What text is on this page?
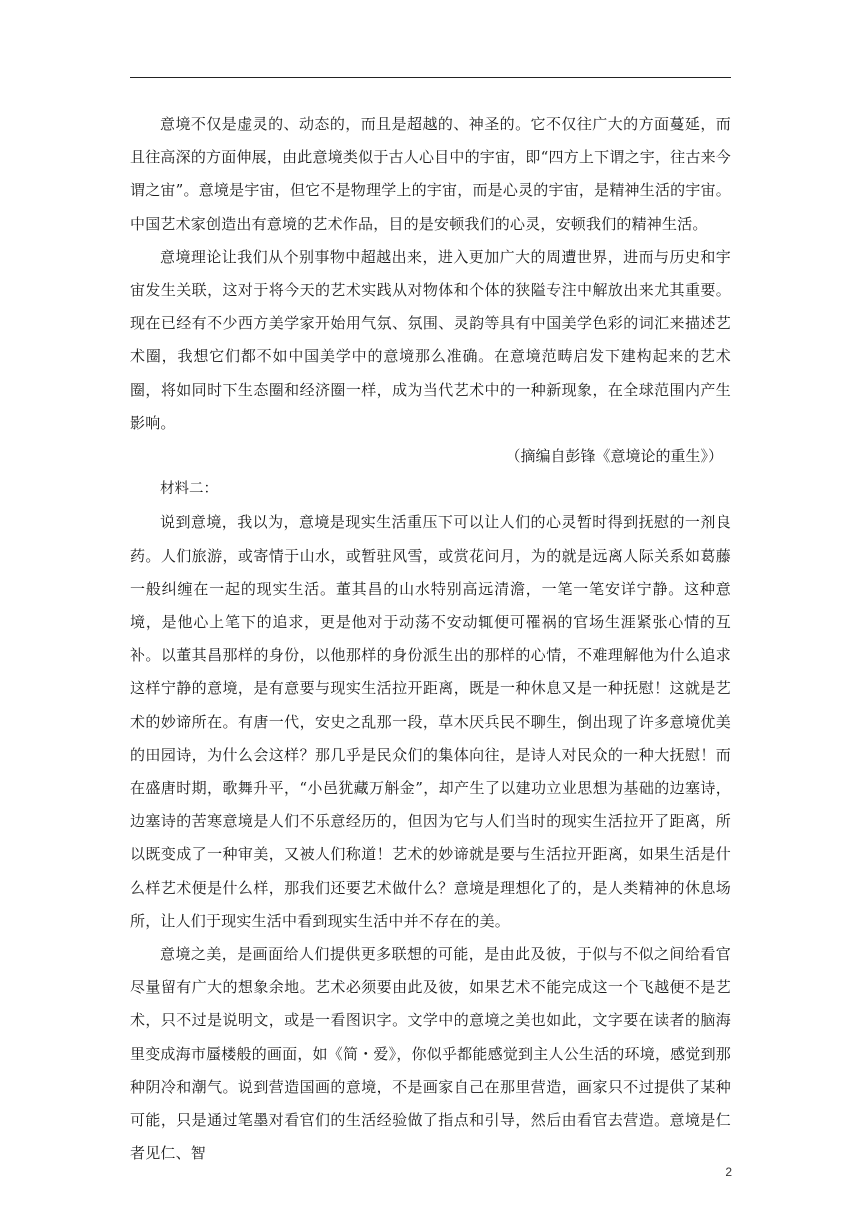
意境不仅是虚灵的、动态的，而且是超越的、神圣的。它不仅往广大的方面蔓延，而且往高深的方面伸展，由此意境类似于古人心目中的宇宙，即“四方上下谓之宇，往古来今谓之宙”。意境是宇宙，但它不是物理学上的宇宙，而是心灵的宇宙，是精神生活的宇宙。中国艺术家创造出有意境的艺术作品，目的是安顿我们的心灵，安顿我们的精神生活。

意境理论让我们从个别事物中超越出来，进入更加广大的周遭世界，进而与历史和宇宙发生关联，这对于将今天的艺术实践从对物体和个体的狭隘专注中解放出来尤其重要。现在已经有不少西方美学家开始用气氛、氛围、灵韵等具有中国美学色彩的词汇来描述艺术圈，我想它们都不如中国美学中的意境那么准确。在意境范畴启发下建构起来的艺术圈，将如同时下生态圈和经济圈一样，成为当代艺术中的一种新现象，在全球范围内产生影响。

（摘编自彭锋《意境论的重生》）

材料二：

说到意境，我以为，意境是现实生活重压下可以让人们的心灵暂时得到抚慰的一剂良药。人们旅游，或寄情于山水，或暂驻风雪，或赏花问月，为的就是远离人际关系如葛藤一般纠缠在一起的现实生活。董其昌的山水特别高远清澹，一笔一笔安详宁静。这种意境，是他心上笔下的追求，更是他对于动荡不安动辄便可罹祸的官场生涯紧张心情的互补。以董其昌那样的身份，以他那样的身份派生出的那样的心情，不难理解他为什么追求这样宁静的意境，是有意要与现实生活拉开距离，既是一种休息又是一种抚慰！这就是艺术的妙谛所在。有唐一代，安史之乱那一段，草木厌兵民不聊生，倒出现了许多意境优美的田园诗，为什么会这样？那几乎是民众们的集体向往，是诗人对民众的一种大抚慰！而在盛唐时期，歌舞升平，“小邑犹藏万斛金”，却产生了以建功立业思想为基础的边塞诗，边塞诗的苦寒意境是人们不乐意经历的，但因为它与人们当时的现实生活拉开了距离，所以既变成了一种审美，又被人们称道！艺术的妙谛就是要与生活拉开距离，如果生活是什么样艺术便是什么样，那我们还要艺术做什么？意境是理想化了的，是人类精神的休息场所，让人们于现实生活中看到现实生活中并不存在的美。

意境之美，是画面给人们提供更多联想的可能，是由此及彼，于似与不似之间给看官尽量留有广大的想象余地。艺术必须要由此及彼，如果艺术不能完成这一个飞越便不是艺术，只不过是说明文，或是一看图识字。文学中的意境之美也如此，文字要在读者的脑海里变成海市蜃楼般的画面，如《简・爱》，你似乎都能感觉到主人公生活的环境，感觉到那种阴冷和潮气。说到营造国画的意境，不是画家自己在那里营造，画家只不过提供了某种可能，只是通过笔墨对看官们的生活经验做了指点和引导，然后由看官去营造。意境是仁者见仁、智

2
